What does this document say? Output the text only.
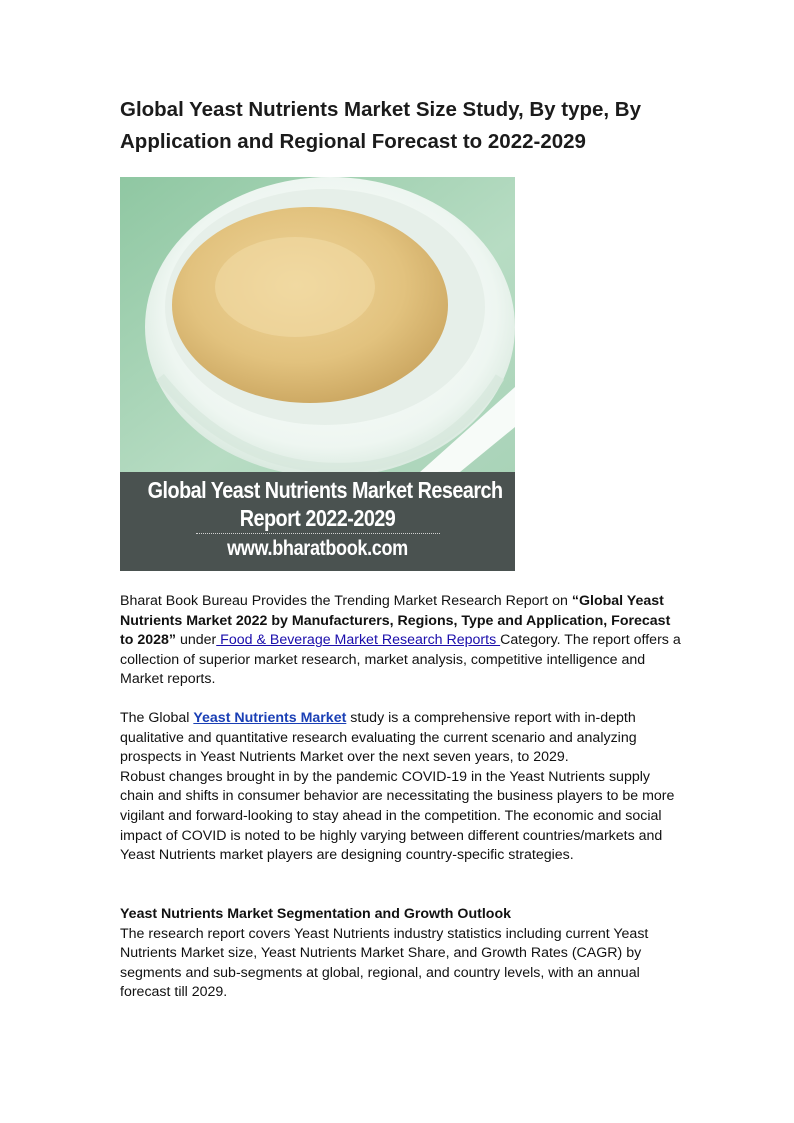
Global Yeast Nutrients Market Size Study, By type, By Application and Regional Forecast to 2022-2029
Global Yeast Nutrients Market Research
Report 2022-2029
www.bharatbook.com

Bharat Book Bureau Provides the Trending Market Research Report on “Global Yeast Nutrients Market 2022 by Manufacturers, Regions, Type and Application, Forecast to 2028” under Food & Beverage Market Research Reports Category. The report offers a collection of superior market research, market analysis, competitive intelligence and Market reports.

The Global Yeast Nutrients Market study is a comprehensive report with in-depth qualitative and quantitative research evaluating the current scenario and analyzing prospects in Yeast Nutrients Market over the next seven years, to 2029.
Robust changes brought in by the pandemic COVID-19 in the Yeast Nutrients supply chain and shifts in consumer behavior are necessitating the business players to be more vigilant and forward-looking to stay ahead in the competition. The economic and social impact of COVID is noted to be highly varying between different countries/markets and Yeast Nutrients market players are designing country-specific strategies.

Yeast Nutrients Market Segmentation and Growth Outlook
The research report covers Yeast Nutrients industry statistics including current Yeast Nutrients Market size, Yeast Nutrients Market Share, and Growth Rates (CAGR) by segments and sub-segments at global, regional, and country levels, with an annual forecast till 2029.
